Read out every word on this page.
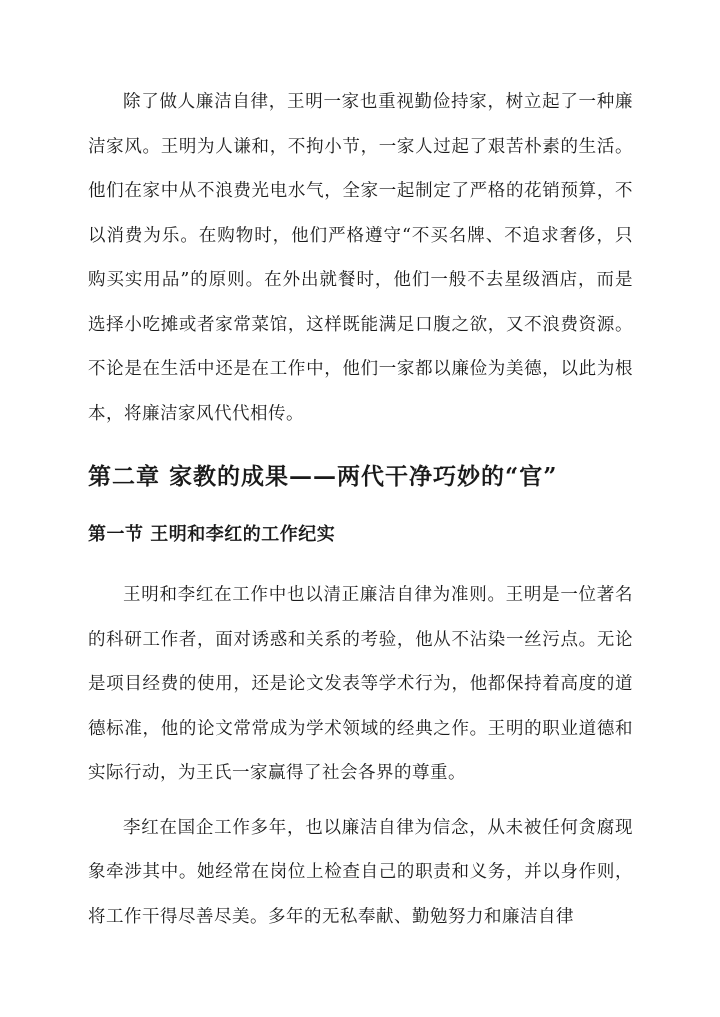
除了做人廉洁自律，王明一家也重视勤俭持家，树立起了一种廉洁家风。王明为人谦和，不拘小节，一家人过起了艰苦朴素的生活。他们在家中从不浪费光电水气，全家一起制定了严格的花销预算，不以消费为乐。在购物时，他们严格遵守“不买名牌、不追求奢侈，只购买实用品”的原则。在外出就餐时，他们一般不去星级酒店，而是选择小吃摊或者家常菜馆，这样既能满足口腹之欲，又不浪费资源。不论是在生活中还是在工作中，他们一家都以廉俭为美德，以此为根本，将廉洁家风代代相传。

第二章 家教的成果——两代干净巧妙的“官”
第一节 王明和李红的工作纪实

王明和李红在工作中也以清正廉洁自律为准则。王明是一位著名的科研工作者，面对诱惑和关系的考验，他从不沾染一丝污点。无论是项目经费的使用，还是论文发表等学术行为，他都保持着高度的道德标准，他的论文常常成为学术领域的经典之作。王明的职业道德和实际行动，为王氏一家赢得了社会各界的尊重。

李红在国企工作多年，也以廉洁自律为信念，从未被任何贪腐现象牵涉其中。她经常在岗位上检查自己的职责和义务，并以身作则，将工作干得尽善尽美。多年的无私奉献、勤勉努力和廉洁自律
